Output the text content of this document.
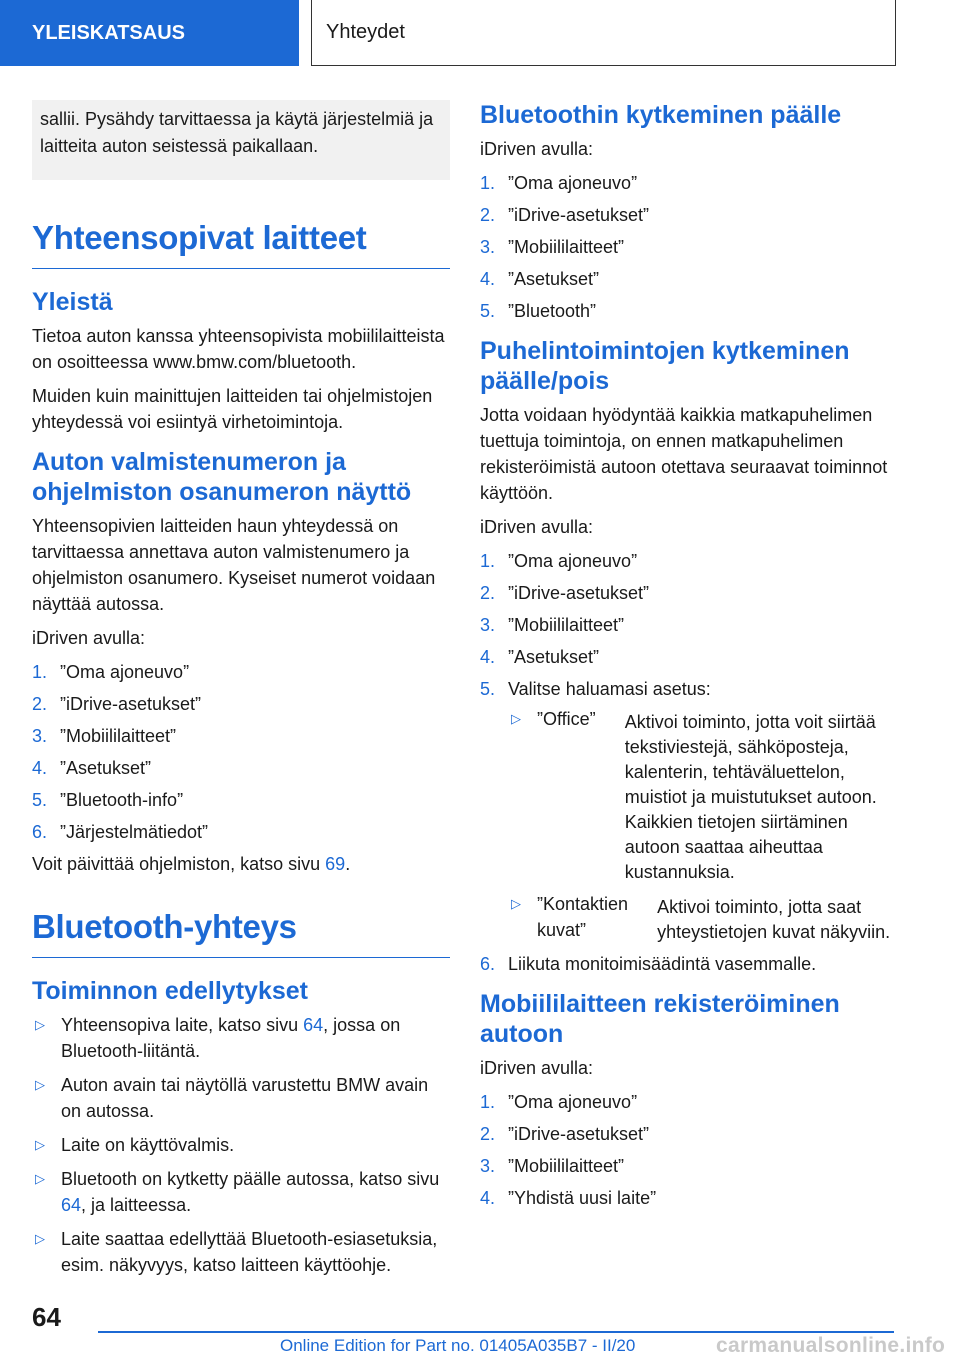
YLEISKATSAUS	Yhteydet
sallii. Pysähdy tarvittaessa ja käytä järjestelmiä ja laitteita auton seistessä paikallaan.
Yhteensopivat laitteet
Yleistä

Tietoa auton kanssa yhteensopivista mobiililaitteista on osoitteessa www.bmw.com/bluetooth.

Muiden kuin mainittujen laitteiden tai ohjelmistojen yhteydessä voi esiintyä virhetoimintoja.

Auton valmistenumeron ja ohjelmiston osanumeron näyttö

Yhteensopivien laitteiden haun yhteydessä on tarvittaessa annettava auton valmistenumero ja ohjelmiston osanumero. Kyseiset numerot voidaan näyttää autossa.

iDriven avulla:

1. ”Oma ajoneuvo”
2. ”iDrive-asetukset”
3. ”Mobiililaitteet”
4. ”Asetukset”
5. ”Bluetooth-info”
6. ”Järjestelmätiedot”

Voit päivittää ohjelmiston, katso sivu 69.

Bluetooth-yhteys
Toiminnon edellytykset
▷ Yhteensopiva laite, katso sivu 64, jossa on Bluetooth-liitäntä.
▷ Auton avain tai näytöllä varustettu BMW avain on autossa.
▷ Laite on käyttövalmis.
▷ Bluetooth on kytketty päälle autossa, katso sivu 64, ja laitteessa.
▷ Laite saattaa edellyttää Bluetooth-esiasetuksia, esim. näkyvyys, katso laitteen käyttöohje.
Bluetoothin kytkeminen päälle

iDriven avulla:

1. ”Oma ajoneuvo”
2. ”iDrive-asetukset”
3. ”Mobiililaitteet”
4. ”Asetukset”
5. ”Bluetooth”
Puhelintoimintojen kytkeminen päälle/pois

Jotta voidaan hyödyntää kaikkia matkapuhelimen tuettuja toimintoja, on ennen matkapuhelimen rekisteröimistä autoon otettava seuraavat toiminnot käyttöön.

iDriven avulla:

1. ”Oma ajoneuvo”
2. ”iDrive-asetukset”
3. ”Mobiililaitteet”
4. ”Asetukset”
5. Valitse haluamasi asetus:
▷ ”Office”	Aktivoi toiminto, jotta voit siirtää tekstiviestejä, sähköposteja, kalenterin, tehtäväluettelon, muistiot ja muistutukset autoon. Kaikkien tietojen siirtäminen autoon saattaa aiheuttaa kustannuksia.
▷ ”Kontaktien kuvat”
Aktivoi toiminto, jotta saat yhteystietojen kuvat näkyviin.
6. Liikuta monitoimisäädintä vasemmalle.
Mobiililaitteen rekisteröiminen autoon

iDriven avulla:

1. ”Oma ajoneuvo”
2. ”iDrive-asetukset”
3. ”Mobiililaitteet”
4. ”Yhdistä uusi laite”
64
Online Edition for Part no. 01405A035B7 - II/20	carmanualsonline.info
